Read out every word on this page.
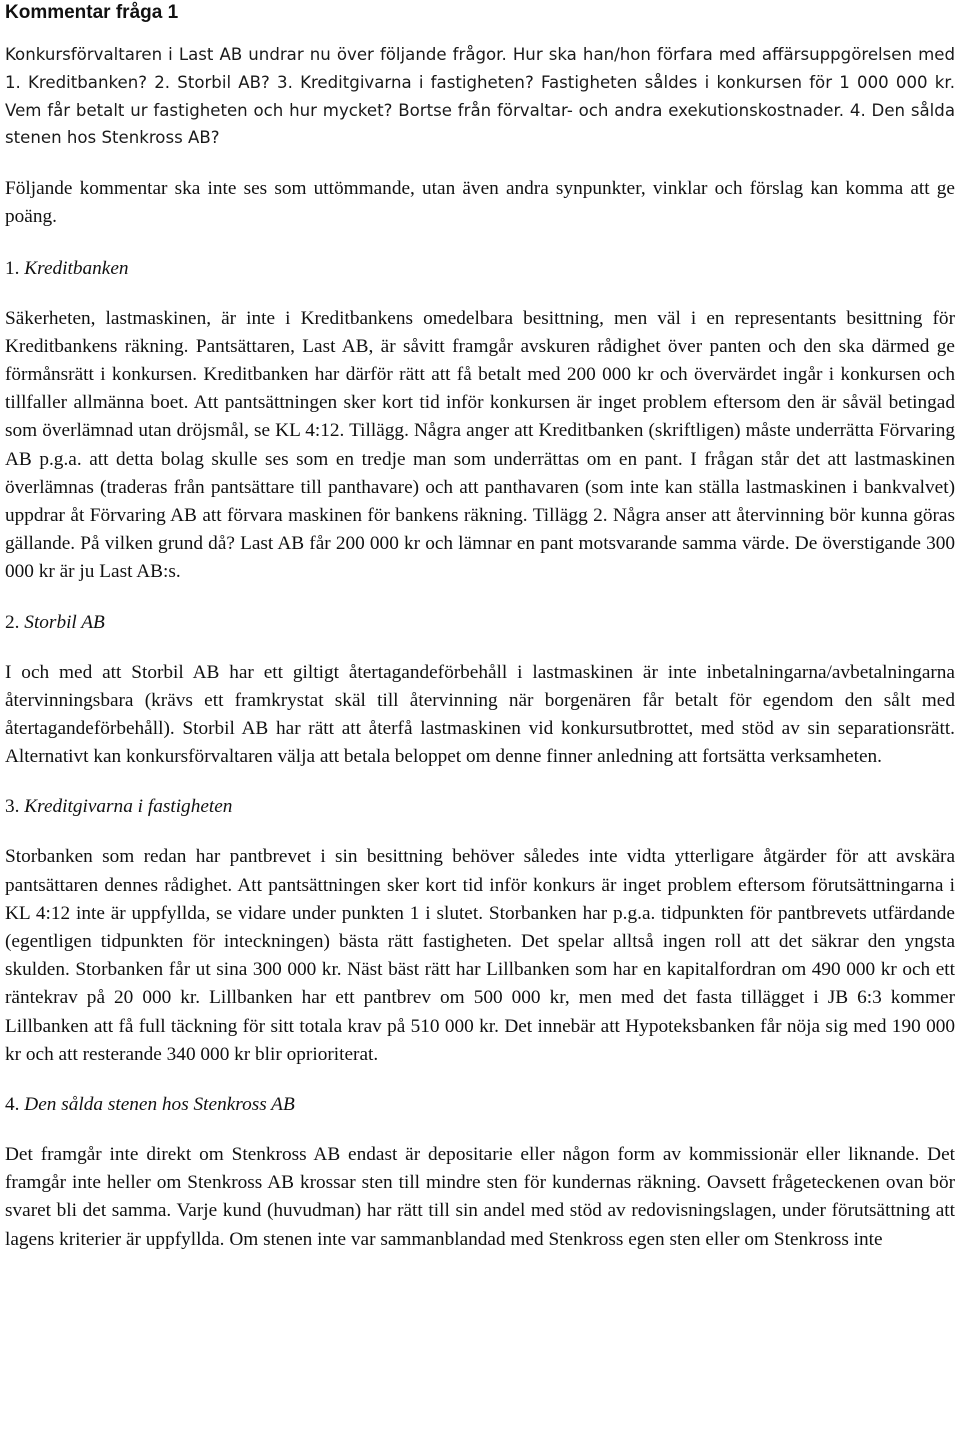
Kommentar fråga 1

Konkursförvaltaren i Last AB undrar nu över följande frågor. Hur ska han/hon förfara med affärsuppgörelsen med 1. Kreditbanken? 2. Storbil AB? 3. Kreditgivarna i fastigheten? Fastigheten såldes i konkursen för 1 000 000 kr. Vem får betalt ur fastigheten och hur mycket? Bortse från förvaltar- och andra exekutionskostnader. 4. Den sålda stenen hos Stenkross AB?

Följande kommentar ska inte ses som uttömmande, utan även andra synpunkter, vinklar och förslag kan komma att ge poäng.

1. Kreditbanken

Säkerheten, lastmaskinen, är inte i Kreditbankens omedelbara besittning, men väl i en representants besittning för Kreditbankens räkning. Pantsättaren, Last AB, är såvitt framgår avskuren rådighet över panten och den ska därmed ge förmånsrätt i konkursen. Kreditbanken har därför rätt att få betalt med 200 000 kr och övervärdet ingår i konkursen och tillfaller allmänna boet. Att pantsättningen sker kort tid inför konkursen är inget problem eftersom den är såväl betingad som överlämnad utan dröjsmål, se KL 4:12. Tillägg. Några anger att Kreditbanken (skriftligen) måste underrätta Förvaring AB p.g.a. att detta bolag skulle ses som en tredje man som underrättas om en pant. I frågan står det att lastmaskinen överlämnas (traderas från pantsättare till panthavare) och att panthavaren (som inte kan ställa lastmaskinen i bankvalvet) uppdrar åt Förvaring AB att förvara maskinen för bankens räkning. Tillägg 2. Några anser att återvinning bör kunna göras gällande. På vilken grund då? Last AB får 200 000 kr och lämnar en pant motsvarande samma värde. De överstigande 300 000 kr är ju Last AB:s.

2. Storbil AB

I och med att Storbil AB har ett giltigt återtagandeförbehåll i lastmaskinen är inte inbetalningarna/avbetalningarna återvinningsbara (krävs ett framkrystat skäl till återvinning när borgenären får betalt för egendom den sålt med återtagandeförbehåll). Storbil AB har rätt att återfå lastmaskinen vid konkursutbrottet, med stöd av sin separationsrätt. Alternativt kan konkursförvaltaren välja att betala beloppet om denne finner anledning att fortsätta verksamheten.

3. Kreditgivarna i fastigheten

Storbanken som redan har pantbrevet i sin besittning behöver således inte vidta ytterligare åtgärder för att avskära pantsättaren dennes rådighet. Att pantsättningen sker kort tid inför konkurs är inget problem eftersom förutsättningarna i KL 4:12 inte är uppfyllda, se vidare under punkten 1 i slutet. Storbanken har p.g.a. tidpunkten för pantbrevets utfärdande (egentligen tidpunkten för inteckningen) bästa rätt fastigheten. Det spelar alltså ingen roll att det säkrar den yngsta skulden. Storbanken får ut sina 300 000 kr. Näst bäst rätt har Lillbanken som har en kapitalfordran om 490 000 kr och ett räntekrav på 20 000 kr. Lillbanken har ett pantbrev om 500 000 kr, men med det fasta tillägget i JB 6:3 kommer Lillbanken att få full täckning för sitt totala krav på 510 000 kr. Det innebär att Hypoteksbanken får nöja sig med 190 000 kr och att resterande 340 000 kr blir oprioriterat.

4. Den sålda stenen hos Stenkross AB

Det framgår inte direkt om Stenkross AB endast är depositarie eller någon form av kommissionär eller liknande. Det framgår inte heller om Stenkross AB krossar sten till mindre sten för kundernas räkning. Oavsett frågeteckenen ovan bör svaret bli det samma. Varje kund (huvudman) har rätt till sin andel med stöd av redovisningslagen, under förutsättning att lagens kriterier är uppfyllda. Om stenen inte var sammanblandad med Stenkross egen sten eller om Stenkross inte
